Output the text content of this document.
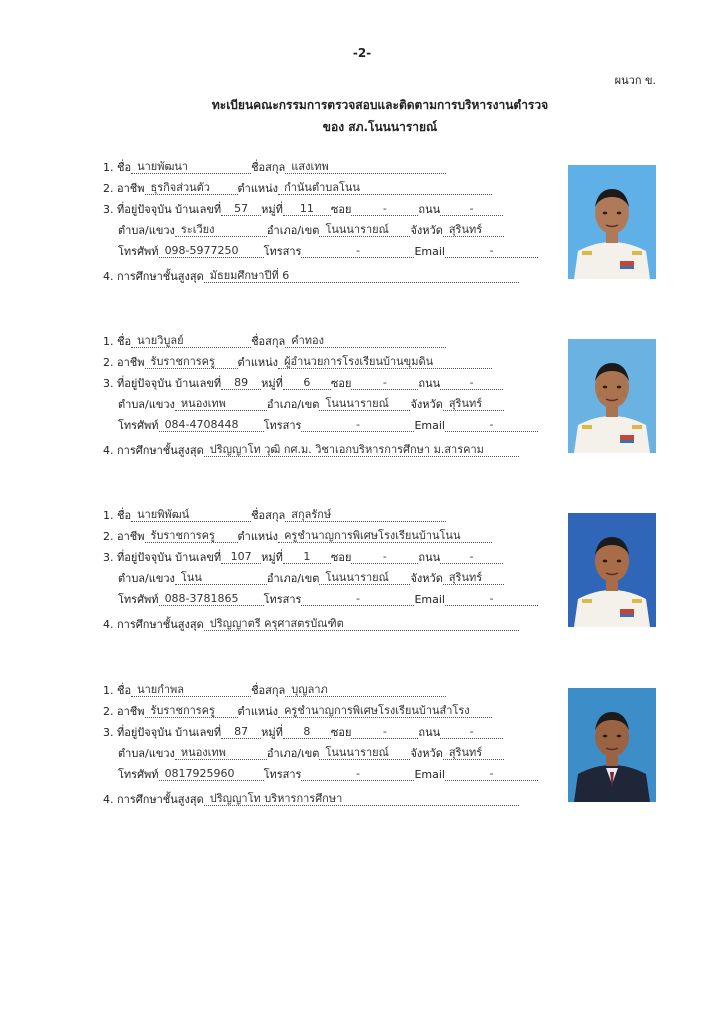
-2-
ผนวก ข.
ทะเบียนคณะกรรมการตรวจสอบและติดตามการบริหารงานตำรวจ
ของ สภ.โนนนารายณ์
1. ชื่อ นายพัฒนา	ชื่อสกุล แสงเทพ
2. อาชีพ ธุรกิจส่วนตัว	ตำแหน่ง กำนันตำบลโนน
3. ที่อยู่ปัจจุบัน บ้านเลขที่ 57 หมู่ที่ 11 ซอย	-	ถนน	-
ตำบล/แขวง ระเวียง	อำเภอ/เขต โนนนารายณ์ จังหวัด สุรินทร์
โทรศัพท์ 098-5977250 โทรสาร	-	Email	-
4. การศึกษาชั้นสูงสุด มัธยมศึกษาปีที่ 6
1. ชื่อ นายวิบูลย์	ชื่อสกุล คำทอง
2. อาชีพ รับราชการครู ตำแหน่ง ผู้อำนวยการโรงเรียนบ้านขุมดิน
3. ที่อยู่ปัจจุบัน บ้านเลขที่ 89 หมู่ที่ 6 ซอย	-	ถนน	-
ตำบล/แขวง หนองเทพ	อำเภอ/เขต โนนนารายณ์ จังหวัด สุรินทร์
โทรศัพท์ 084-4708448 โทรสาร	-	Email	-
4. การศึกษาชั้นสูงสุด ปริญญาโท วุฒิ กศ.ม. วิชาเอกบริหารการศึกษา ม.สารคาม
1. ชื่อ นายพิพัฒน์	ชื่อสกุล สกุลรักษ์
2. อาชีพ รับราชการครู ตำแหน่ง ครูชำนาญการพิเศษโรงเรียนบ้านโนน
3. ที่อยู่ปัจจุบัน บ้านเลขที่ 107 หมู่ที่ 1 ซอย	-	ถนน	-
ตำบล/แขวง โนน	อำเภอ/เขต โนนนารายณ์ จังหวัด สุรินทร์
โทรศัพท์ 088-3781865 โทรสาร	-	Email	-
4. การศึกษาชั้นสูงสุด ปริญญาตรี ครุศาสตรบัณฑิต
1. ชื่อ นายกำพล	ชื่อสกุล บุญลาภ
2. อาชีพ รับราชการครู ตำแหน่ง ครูชำนาญการพิเศษโรงเรียนบ้านสำโรง
3. ที่อยู่ปัจจุบัน บ้านเลขที่ 87 หมู่ที่ 8 ซอย	-	ถนน	-
ตำบล/แขวง หนองเทพ	อำเภอ/เขต โนนนารายณ์ จังหวัด สุรินทร์
โทรศัพท์ 0817925960	โทรสาร	-	Email	-
4. การศึกษาชั้นสูงสุด ปริญญาโท บริหารการศึกษา
